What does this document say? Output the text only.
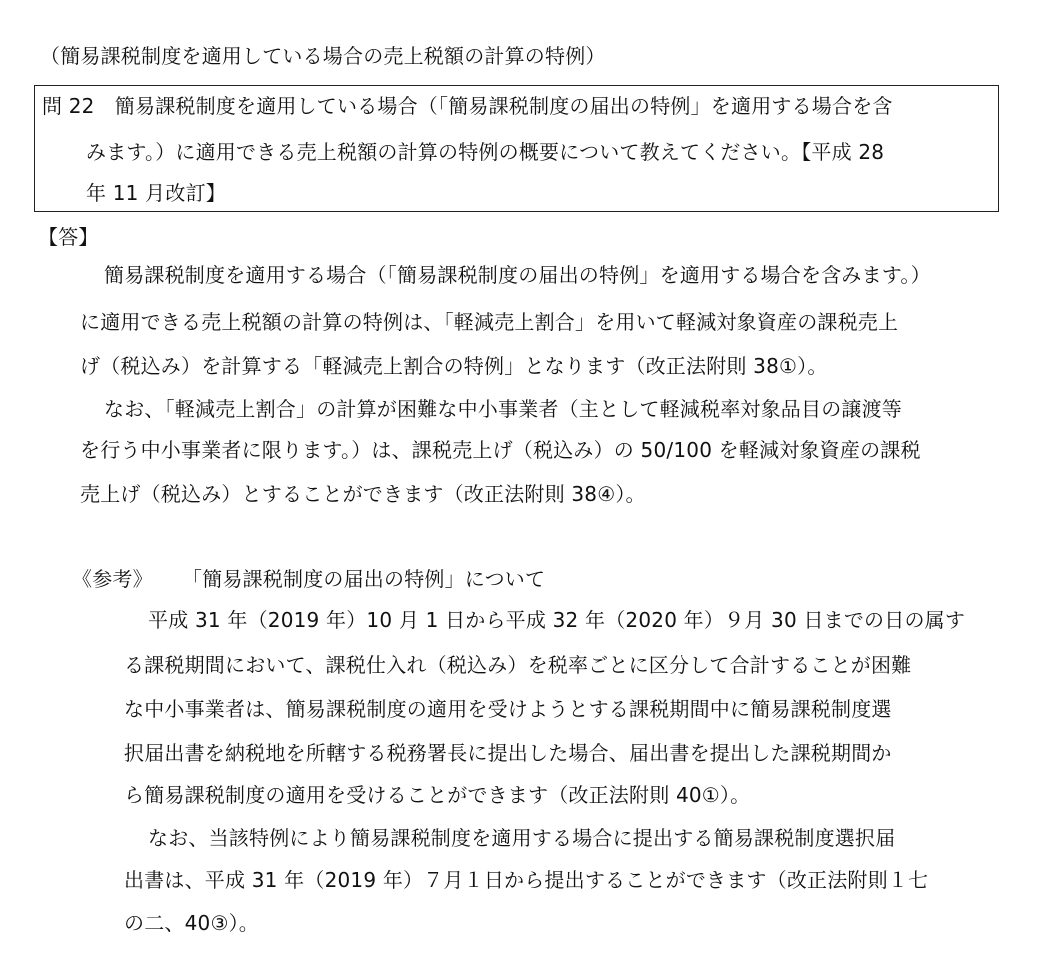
（簡易課税制度を適用している場合の売上税額の計算の特例）
問 22　簡易課税制度を適用している場合（「簡易課税制度の届出の特例」を適用する場合を含
みます。）に適用できる売上税額の計算の特例の概要について教えてください。【平成 28
年 11 月改訂】
【答】
簡易課税制度を適用する場合（「簡易課税制度の届出の特例」を適用する場合を含みます。）
に適用できる売上税額の計算の特例は、「軽減売上割合」を用いて軽減対象資産の課税売上
げ（税込み）を計算する「軽減売上割合の特例」となります（改正法附則 38①）。
なお、「軽減売上割合」の計算が困難な中小事業者（主として軽減税率対象品目の譲渡等
を行う中小事業者に限ります。）は、課税売上げ（税込み）の 50/100 を軽減対象資産の課税
売上げ（税込み）とすることができます（改正法附則 38④）。
《参考》 「簡易課税制度の届出の特例」について
平成 31 年（2019 年）10 月 1 日から平成 32 年（2020 年）９月 30 日までの日の属す
る課税期間において、課税仕入れ（税込み）を税率ごとに区分して合計することが困難
な中小事業者は、簡易課税制度の適用を受けようとする課税期間中に簡易課税制度選
択届出書を納税地を所轄する税務署長に提出した場合、届出書を提出した課税期間か
ら簡易課税制度の適用を受けることができます（改正法附則 40①）。
なお、当該特例により簡易課税制度を適用する場合に提出する簡易課税制度選択届
出書は、平成 31 年（2019 年）７月１日から提出することができます（改正法附則１七
の二、40③）。
